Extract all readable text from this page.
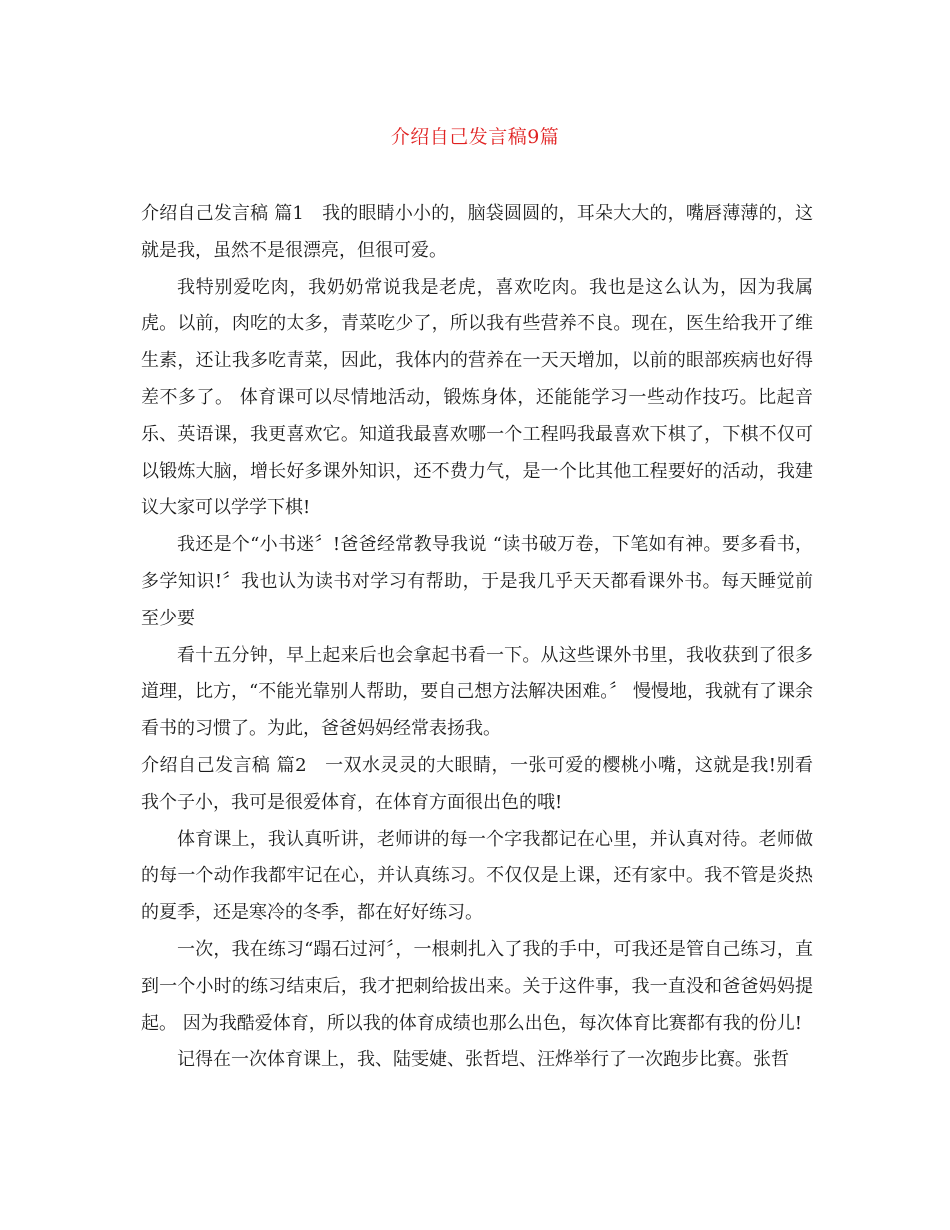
介绍自己发言稿9篇

介绍自己发言稿 篇1 我的眼睛小小的，脑袋圆圆的，耳朵大大的，嘴唇薄薄的，这就是我，虽然不是很漂亮，但很可爱。

我特别爱吃肉，我奶奶常说我是老虎，喜欢吃肉。我也是这么认为，因为我属虎。以前，肉吃的太多，青菜吃少了，所以我有些营养不良。现在，医生给我开了维生素，还让我多吃青菜，因此，我体内的营养在一天天增加，以前的眼部疾病也好得差不多了。 体育课可以尽情地活动，锻炼身体，还能能学习一些动作技巧。比起音乐、英语课，我更喜欢它。知道我最喜欢哪一个工程吗我最喜欢下棋了，下棋不仅可以锻炼大脑，增长好多课外知识，还不费力气，是一个比其他工程要好的活动，我建议大家可以学学下棋!

我还是个“小书迷〞!爸爸经常教导我说 “读书破万卷，下笔如有神。要多看书，多学知识!〞我也认为读书对学习有帮助，于是我几乎天天都看课外书。每天睡觉前至少要

看十五分钟，早上起来后也会拿起书看一下。从这些课外书里，我收获到了很多道理，比方，“不能光靠别人帮助，要自己想方法解决困难。〞 慢慢地，我就有了课余看书的习惯了。为此，爸爸妈妈经常表扬我。

介绍自己发言稿 篇2 一双水灵灵的大眼睛，一张可爱的樱桃小嘴，这就是我!别看我个子小，我可是很爱体育，在体育方面很出色的哦!

体育课上，我认真听讲，老师讲的每一个字我都记在心里，并认真对待。老师做的每一个动作我都牢记在心，并认真练习。不仅仅是上课，还有家中。我不管是炎热的夏季，还是寒冷的冬季，都在好好练习。

一次，我在练习“蹋石过河〞，一根刺扎入了我的手中，可我还是管自己练习，直到一个小时的练习结束后，我才把刺给拔出来。关于这件事，我一直没和爸爸妈妈提起。 因为我酷爱体育，所以我的体育成绩也那么出色，每次体育比赛都有我的份儿!

记得在一次体育课上，我、陆雯婕、张哲垲、汪烨举行了一次跑步比赛。张哲
